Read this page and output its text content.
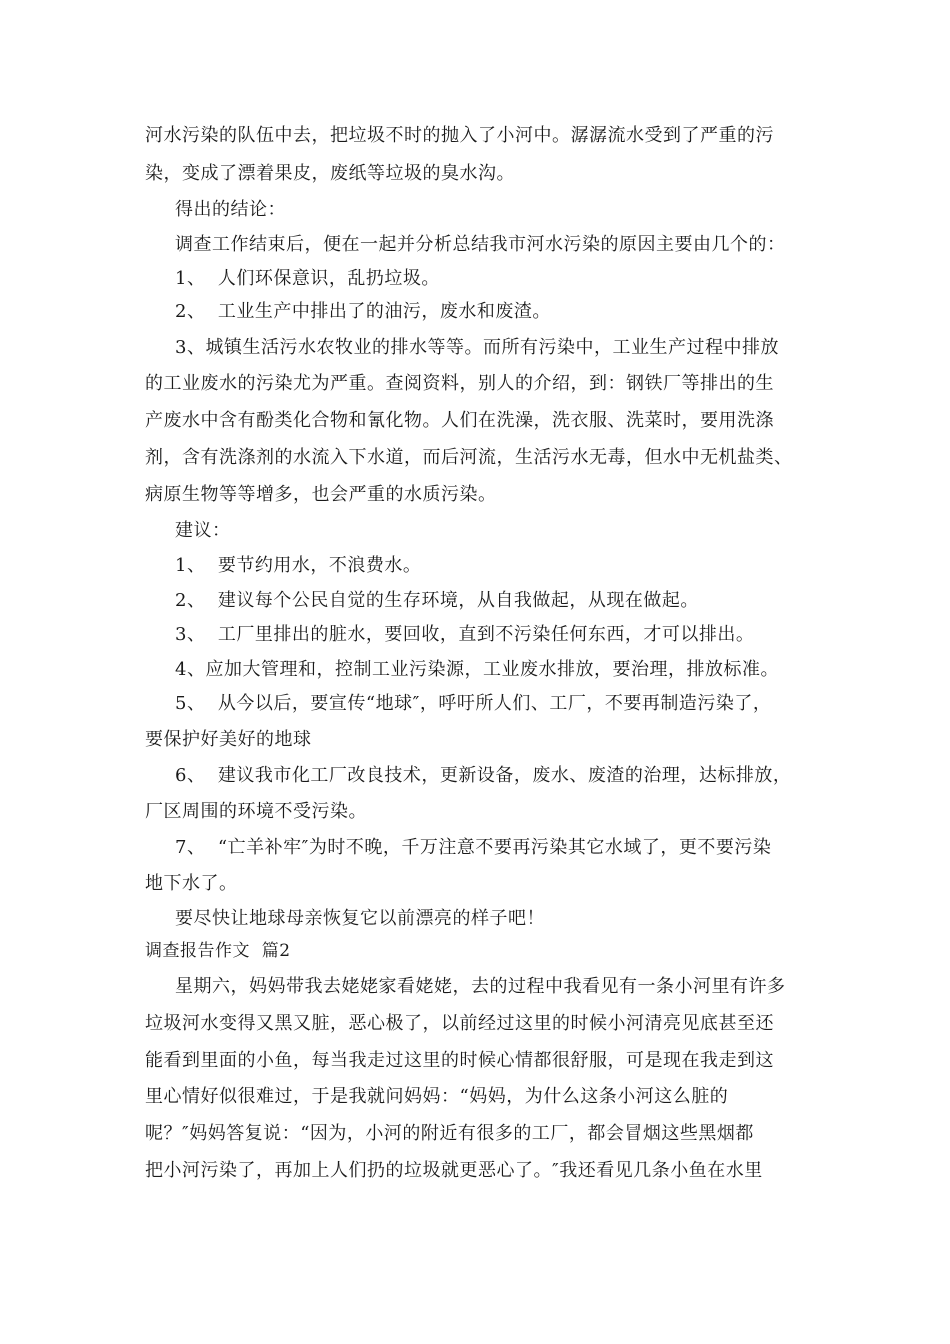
河水污染的队伍中去，把垃圾不时的抛入了小河中。潺潺流水受到了严重的污
染，变成了漂着果皮，废纸等垃圾的臭水沟。
得出的结论：
调查工作结束后，便在一起并分析总结我市河水污染的原因主要由几个的：
1、  人们环保意识，乱扔垃圾。
2、  工业生产中排出了的油污，废水和废渣。
3、城镇生活污水农牧业的排水等等。而所有污染中，工业生产过程中排放
的工业废水的污染尤为严重。查阅资料，别人的介绍，到：钢铁厂等排出的生
产废水中含有酚类化合物和氰化物。人们在洗澡，洗衣服、洗菜时，要用洗涤
剂，含有洗涤剂的水流入下水道，而后河流，生活污水无毒，但水中无机盐类、
病原生物等等增多，也会严重的水质污染。
建议：
1、  要节约用水，不浪费水。
2、  建议每个公民自觉的生存环境，从自我做起，从现在做起。
3、  工厂里排出的脏水，要回收，直到不污染任何东西，才可以排出。
4、应加大管理和，控制工业污染源，工业废水排放，要治理，排放标准。
5、  从今以后，要宣传“地球″，呼吁所人们、工厂，不要再制造污染了，
要保护好美好的地球
6、  建议我市化工厂改良技术，更新设备，废水、废渣的治理，达标排放，
厂区周围的环境不受污染。
7、  “亡羊补牢″为时不晚，千万注意不要再污染其它水域了，更不要污染
地下水了。
要尽快让地球母亲恢复它以前漂亮的样子吧！
调查报告作文  篇2
星期六，妈妈带我去姥姥家看姥姥，去的过程中我看见有一条小河里有许多
垃圾河水变得又黑又脏，恶心极了，以前经过这里的时候小河清亮见底甚至还
能看到里面的小鱼，每当我走过这里的时候心情都很舒服，可是现在我走到这
里心情好似很难过，于是我就问妈妈：“妈妈，为什么这条小河这么脏的
呢？″妈妈答复说：“因为，小河的附近有很多的工厂，都会冒烟这些黑烟都
把小河污染了，再加上人们扔的垃圾就更恶心了。″我还看见几条小鱼在水里
